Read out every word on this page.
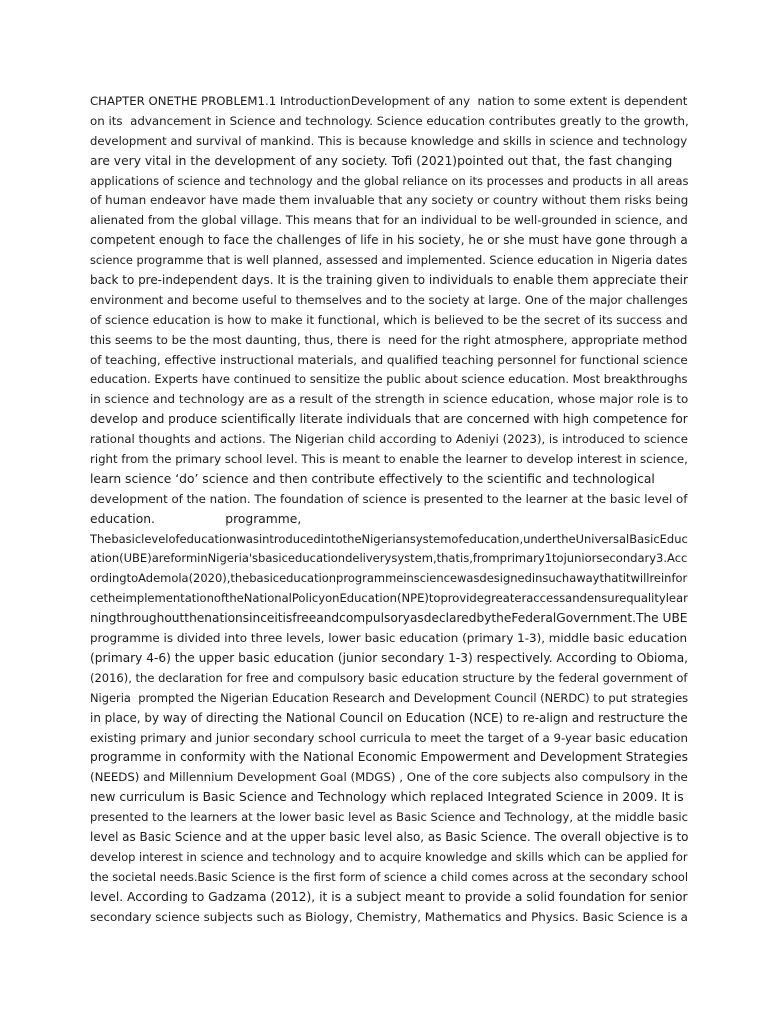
CHAPTER ONETHE PROBLEM1.1 IntroductionDevelopment of any  nation to some extent is dependent
on its  advancement in Science and technology. Science education contributes greatly to the growth,
development and survival of mankind. This is because knowledge and skills in science and technology
are very vital in the development of any society. Tofi (2021)pointed out that, the fast changing
applications of science and technology and the global reliance on its processes and products in all areas
of human endeavor have made them invaluable that any society or country without them risks being
alienated from the global village. This means that for an individual to be well-grounded in science, and
competent enough to face the challenges of life in his society, he or she must have gone through a
science programme that is well planned, assessed and implemented. Science education in Nigeria dates
back to pre-independent days. It is the training given to individuals to enable them appreciate their
environment and become useful to themselves and to the society at large. One of the major challenges
of science education is how to make it functional, which is believed to be the secret of its success and
this seems to be the most daunting, thus, there is  need for the right atmosphere, appropriate method
of teaching, effective instructional materials, and qualified teaching personnel for functional science
education. Experts have continued to sensitize the public about science education. Most breakthroughs
in science and technology are as a result of the strength in science education, whose major role is to
develop and produce scientifically literate individuals that are concerned with high competence for
rational thoughts and actions. The Nigerian child according to Adeniyi (2023), is introduced to science
right from the primary school level. This is meant to enable the learner to develop interest in science,
learn science ‘do’ science and then contribute effectively to the scientific and technological
development of the nation. The foundation of science is presented to the learner at the basic level of
education.                  programme,
ThebasiclevelofeducationwasintroducedintotheNigeriansystemofeducation,undertheUniversalBasicEduc
ation(UBE)areforminNigeria'sbasiceducationdeliverysystem,thatis,fromprimary1tojuniorsecondary3.Acc
ordingtoAdemola(2020),thebasiceducationprogrammeinsciencewasdesignedinsuchawaythatitwillreinfor
cetheimplementationoftheNationalPolicyonEducation(NPE)toprovidegreateraccessandensurequalitylear
ningthroughoutthenationsinceitisfreeandcompulsoryasdeclaredbytheFederalGovernment.The UBE
programme is divided into three levels, lower basic education (primary 1-3), middle basic education
(primary 4-6) the upper basic education (junior secondary 1-3) respectively. According to Obioma,
(2016), the declaration for free and compulsory basic education structure by the federal government of
Nigeria  prompted the Nigerian Education Research and Development Council (NERDC) to put strategies
in place, by way of directing the National Council on Education (NCE) to re-align and restructure the
existing primary and junior secondary school curricula to meet the target of a 9-year basic education
programme in conformity with the National Economic Empowerment and Development Strategies
(NEEDS) and Millennium Development Goal (MDGS) , One of the core subjects also compulsory in the
new curriculum is Basic Science and Technology which replaced Integrated Science in 2009. It is
presented to the learners at the lower basic level as Basic Science and Technology, at the middle basic
level as Basic Science and at the upper basic level also, as Basic Science. The overall objective is to
develop interest in science and technology and to acquire knowledge and skills which can be applied for
the societal needs.Basic Science is the first form of science a child comes across at the secondary school
level. According to Gadzama (2012), it is a subject meant to provide a solid foundation for senior
secondary science subjects such as Biology, Chemistry, Mathematics and Physics. Basic Science is a
